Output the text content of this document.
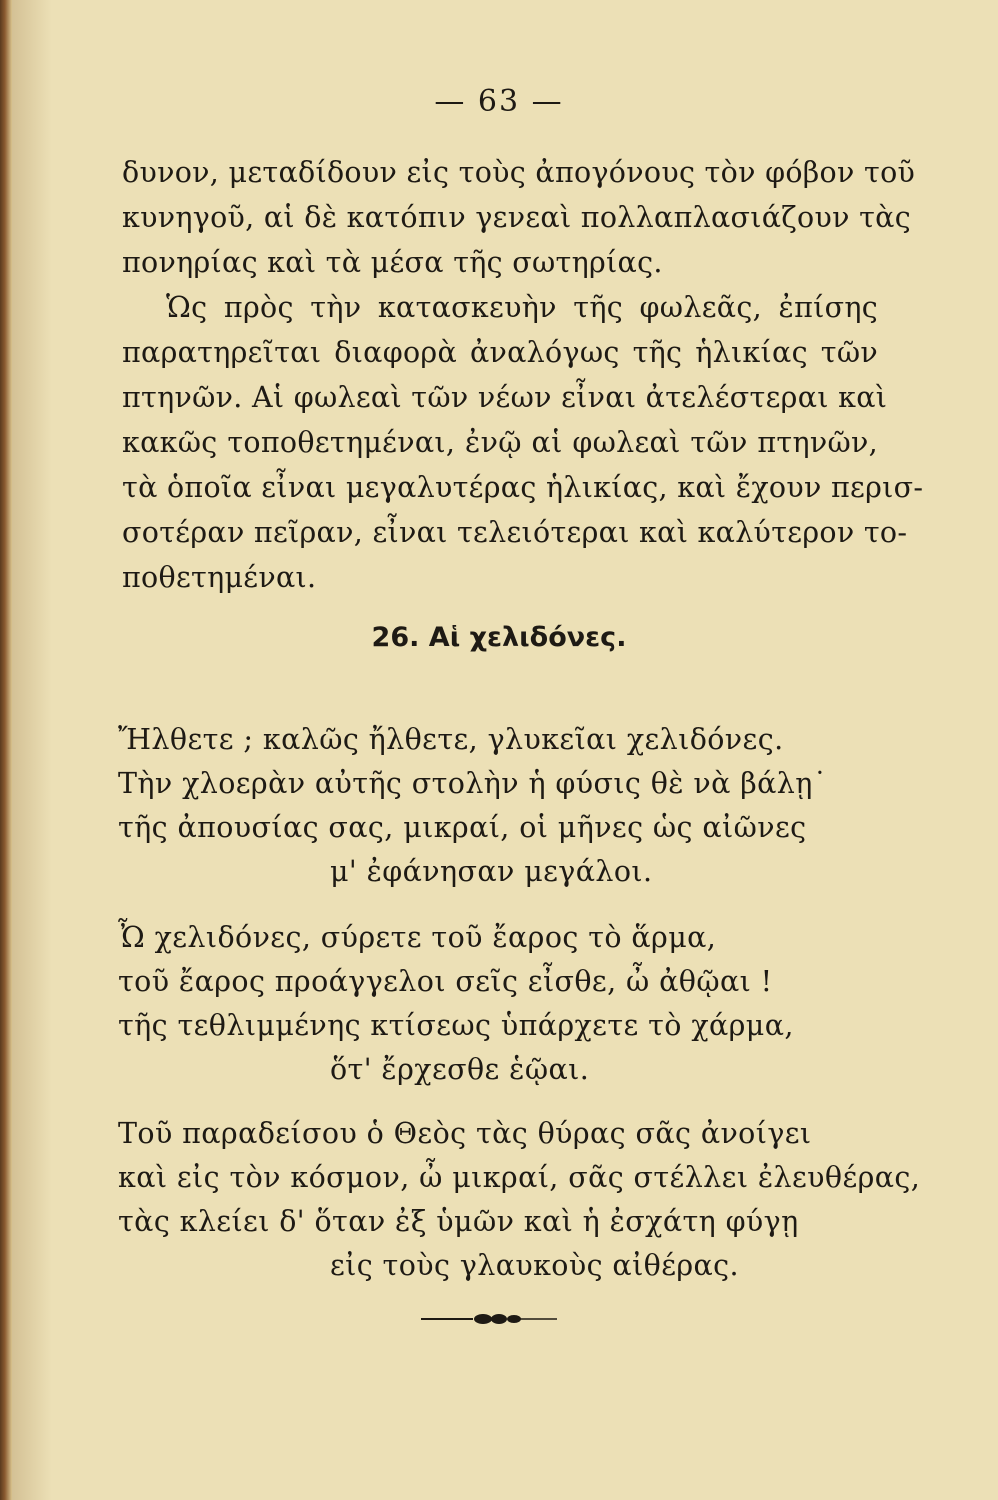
— 63 —
δυνον, μεταδίδουν εἰς τοὺς ἀπογόνους τὸν φόβον τοῦ
κυνηγοῦ, αἱ δὲ κατόπιν γενεαὶ πολλαπλασιάζουν τὰς
πονηρίας καὶ τὰ μέσα τῆς σωτηρίας.
Ὡς πρὸς τὴν κατασκευὴν τῆς φωλεᾶς, ἐπίσης
παρατηρεῖται διαφορὰ ἀναλόγως τῆς ἡλικίας τῶν
πτηνῶν. Αἱ φωλεαὶ τῶν νέων εἶναι ἀτελέστεραι καὶ
κακῶς τοποθετημέναι, ἐνῷ αἱ φωλεαὶ τῶν πτηνῶν,
τὰ ὁποῖα εἶναι μεγαλυτέρας ἡλικίας, καὶ ἔχουν περισ-
σοτέραν πεῖραν, εἶναι τελειότεραι καὶ καλύτερον το-
ποθετημέναι.
26. Αἱ χελιδόνες.
Ἤλθετε ; καλῶς ἤλθετε, γλυκεῖαι χελιδόνες.
Τὴν χλοερὰν αὐτῆς στολὴν ἡ φύσις θὲ νὰ βάλῃ˙
τῆς ἀπουσίας σας, μικραί, οἱ μῆνες ὡς αἰῶνες
μ' ἐφάνησαν μεγάλοι.
Ὦ χελιδόνες, σύρετε τοῦ ἔαρος τὸ ἅρμα,
τοῦ ἔαρος προάγγελοι σεῖς εἶσθε, ὦ ἀθῷαι !
τῆς τεθλιμμένης κτίσεως ὑπάρχετε τὸ χάρμα,
ὅτ' ἔρχεσθε ἑῷαι.
Τοῦ παραδείσου ὁ Θεὸς τὰς θύρας σᾶς ἀνοίγει
καὶ εἰς τὸν κόσμον, ὦ μικραί, σᾶς στέλλει ἐλευθέρας,
τὰς κλείει δ' ὅταν ἐξ ὑμῶν καὶ ἡ ἐσχάτη φύγῃ
εἰς τοὺς γλαυκοὺς αἰθέρας.
